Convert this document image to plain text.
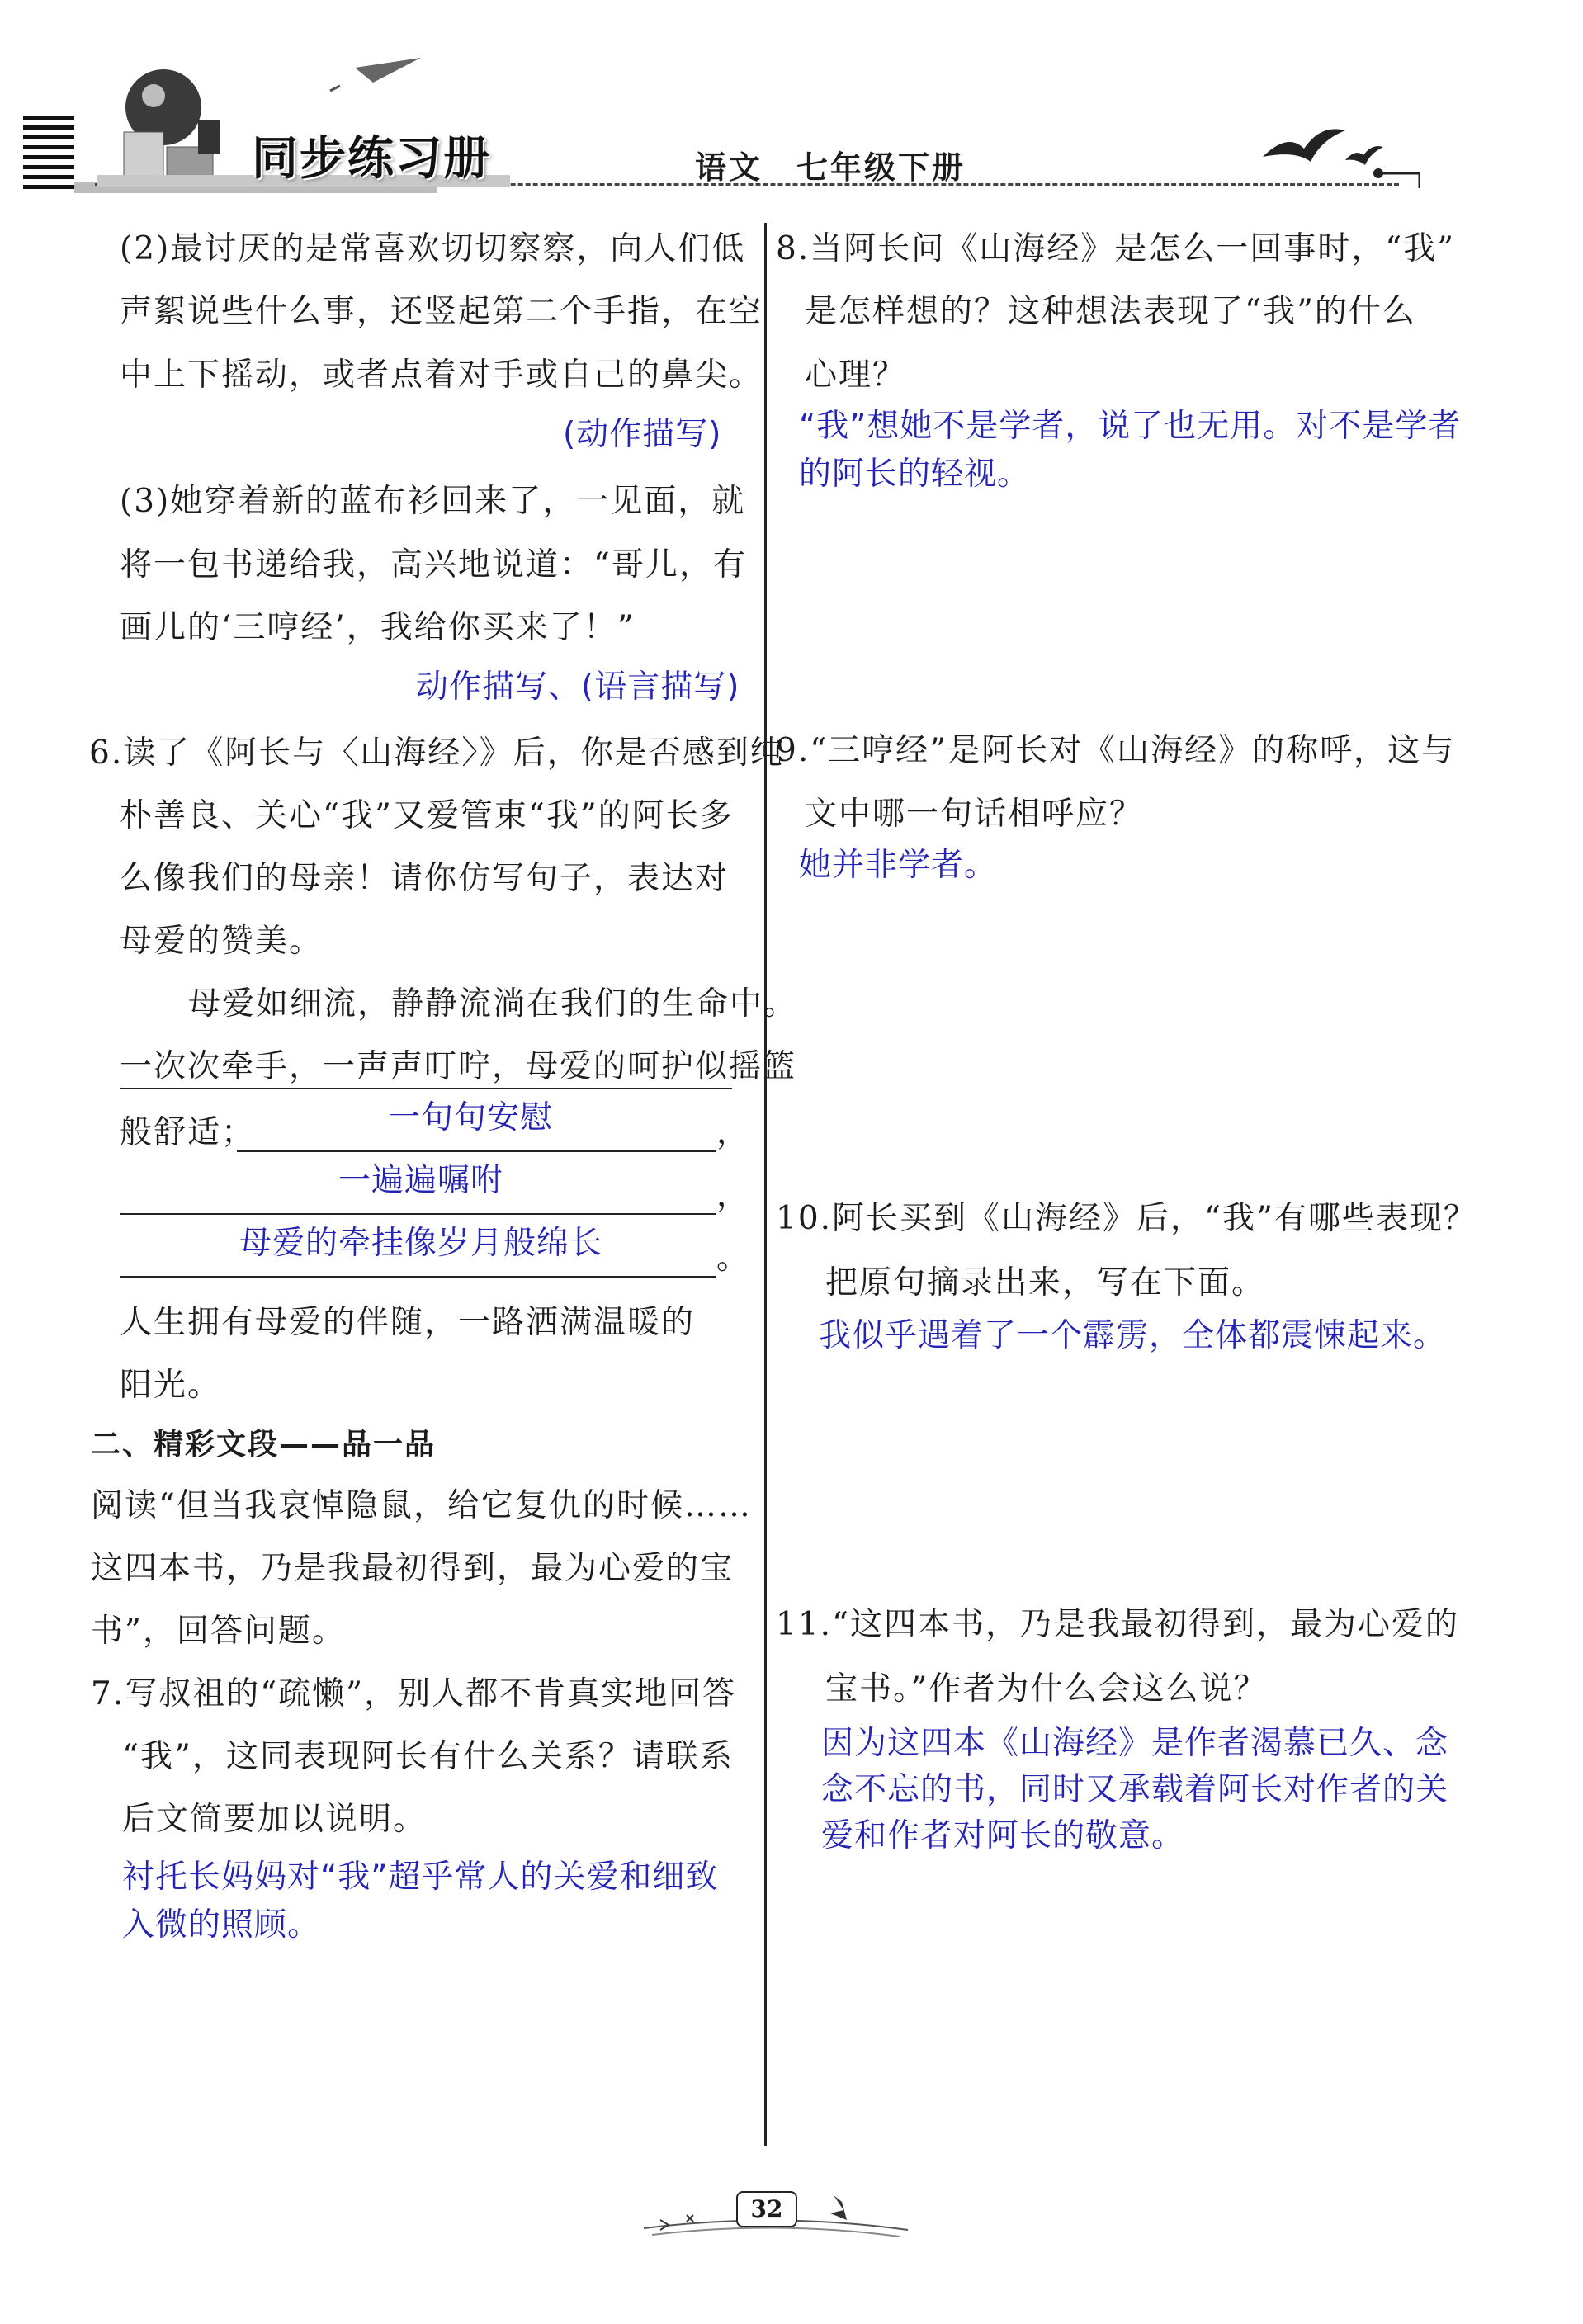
同步练习册	语文　七年级下册
(2)最讨厌的是常喜欢切切察察，向人们低
声絮说些什么事，还竖起第二个手指，在空
中上下摇动，或者点着对手或自己的鼻尖。
(动作描写)
(3)她穿着新的蓝布衫回来了，一见面，就
将一包书递给我，高兴地说道：“哥儿，有
画儿的‘三哼经’，我给你买来了！”
动作描写、(语言描写)
6.读了《阿长与〈山海经〉》后，你是否感到纯
朴善良、关心“我”又爱管束“我”的阿长多
么像我们的母亲！请你仿写句子，表达对
母爱的赞美。
母爱如细流，静静流淌在我们的生命中。
一次次牵手，一声声叮咛，母爱的呵护似摇篮
般舒适；	一句句安慰	，
一遍遍嘱咐	，
母爱的牵挂像岁月般绵长	。
人生拥有母爱的伴随，一路洒满温暖的
阳光。
二、精彩文段——品一品
阅读“但当我哀悼隐鼠，给它复仇的时候……
这四本书，乃是我最初得到，最为心爱的宝
书”，回答问题。
7.写叔祖的“疏懒”，别人都不肯真实地回答
“我”，这同表现阿长有什么关系？请联系
后文简要加以说明。
衬托长妈妈对“我”超乎常人的关爱和细致
入微的照顾。
8.当阿长问《山海经》是怎么一回事时，“我”
是怎样想的？这种想法表现了“我”的什么
心理？
“我”想她不是学者，说了也无用。对不是学者
的阿长的轻视。
9.“三哼经”是阿长对《山海经》的称呼，这与
文中哪一句话相呼应？
她并非学者。
10.阿长买到《山海经》后，“我”有哪些表现？
把原句摘录出来，写在下面。
我似乎遇着了一个霹雳，全体都震悚起来。
11.“这四本书，乃是我最初得到，最为心爱的
宝书。”作者为什么会这么说？
因为这四本《山海经》是作者渴慕已久、念
念不忘的书，同时又承载着阿长对作者的关
爱和作者对阿长的敬意。
32
